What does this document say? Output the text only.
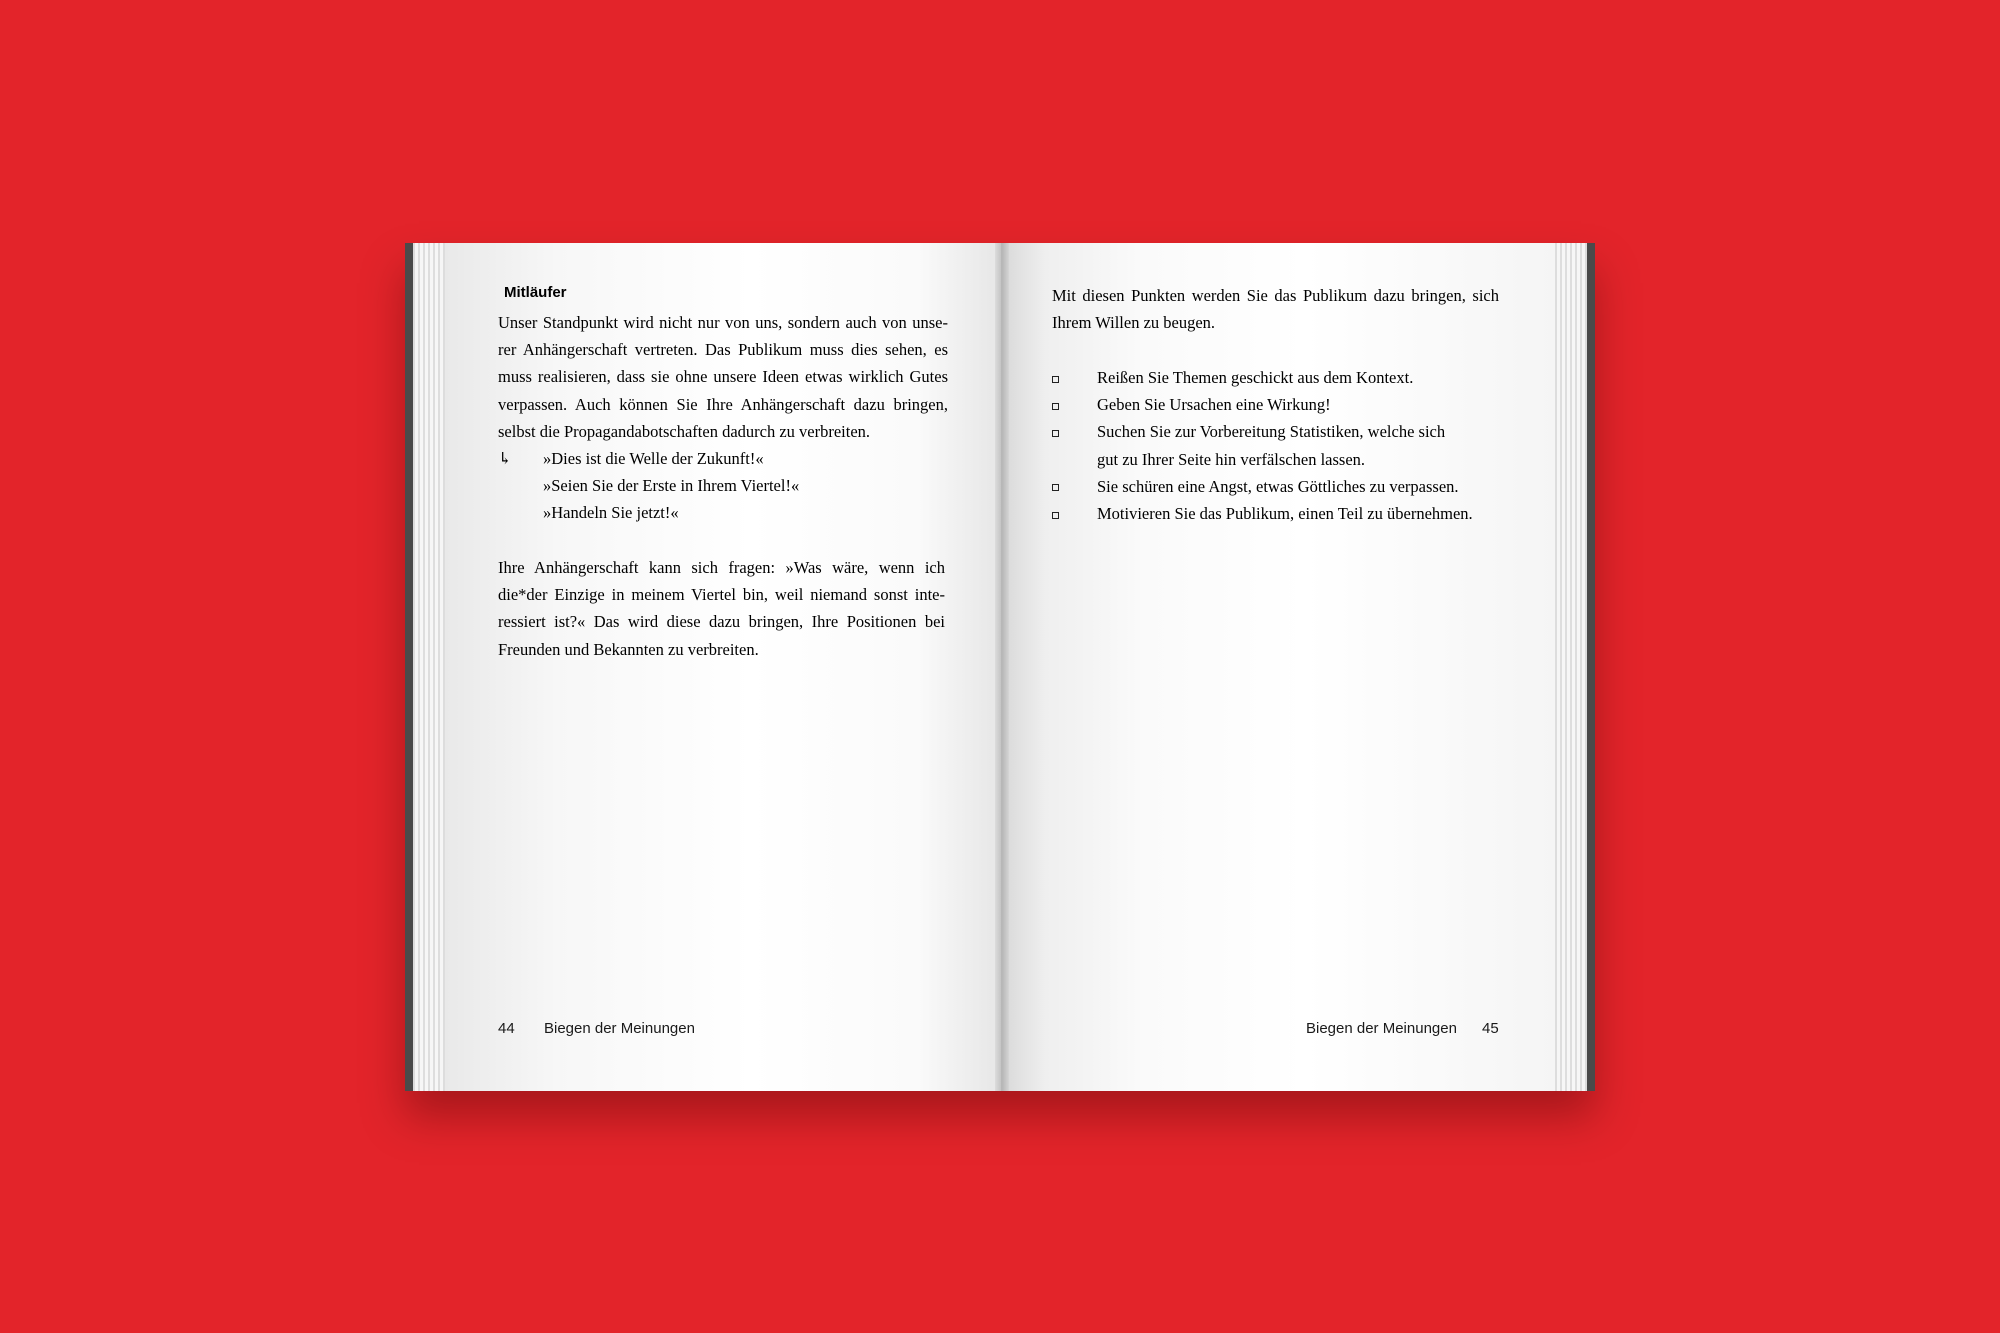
Mitläufer
Unser Standpunkt wird nicht nur von uns, sondern auch von unse-
rer Anhängerschaft vertreten. Das Publikum muss dies sehen, es
muss realisieren, dass sie ohne unsere Ideen etwas wirklich Gutes
verpassen. Auch können Sie Ihre Anhängerschaft dazu bringen,
selbst die Propagandabotschaften dadurch zu verbreiten.
↳	»Dies ist die Welle der Zukunft!«
»Seien Sie der Erste in Ihrem Viertel!«
»Handeln Sie jetzt!«
Ihre Anhängerschaft kann sich fragen: »Was wäre, wenn ich
die*der Einzige in meinem Viertel bin, weil niemand sonst inte-
ressiert ist?« Das wird diese dazu bringen, Ihre Positionen bei
Freunden und Bekannten zu verbreiten.
44 Biegen der Meinungen
Mit diesen Punkten werden Sie das Publikum dazu bringen, sich
Ihrem Willen zu beugen.
Reißen Sie Themen geschickt aus dem Kontext.
Geben Sie Ursachen eine Wirkung!
Suchen Sie zur Vorbereitung Statistiken, welche sich
gut zu Ihrer Seite hin verfälschen lassen.
Sie schüren eine Angst, etwas Göttliches zu verpassen.
Motivieren Sie das Publikum, einen Teil zu übernehmen.
Biegen der Meinungen 45
